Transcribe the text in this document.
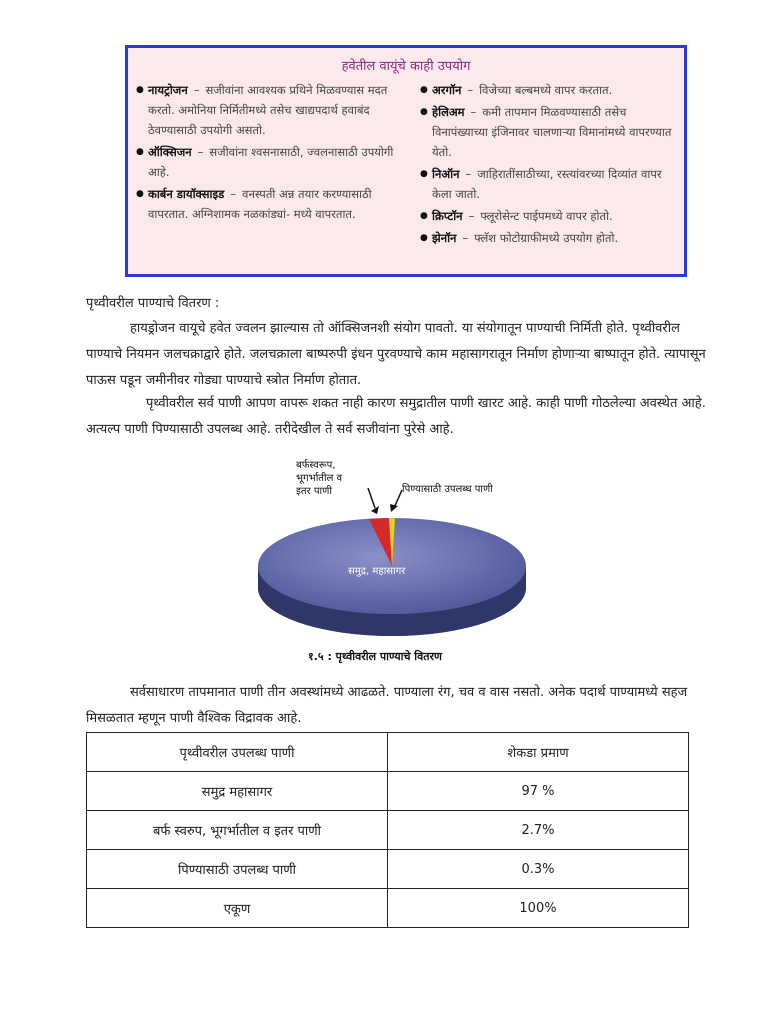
हवेतील वायूंचे काही उपयोग
● नायट्रोजन – सजीवांना आवश्यक प्रथिने मिळवण्यास मदत करतो. अमोनिया निर्मितीमध्ये तसेच खाद्यपदार्थ हवाबंद ठेवण्यासाठी उपयोगी असतो.
● ऑक्सिजन – सजीवांना श्वसनासाठी, ज्वलनासाठी उपयोगी आहे.
● कार्बन डायॉक्साइड – वनस्पती अन्न तयार करण्यासाठी वापरतात. अग्निशामक नळकांड्यां- मध्ये वापरतात.
● अरगॉन – विजेच्या बल्बमध्ये वापर करतात.
● हेलिअम – कमी तापमान मिळवण्यासाठी तसेच विनापंख्याच्या इंजिनावर चालणाऱ्या विमानांमध्ये वापरण्यात येतो.
● निऑन – जाहिरातींसाठीच्या, रस्त्यांवरच्या दिव्यांत वापर केला जातो.
● क्रिप्टॉन – फ्लूरोसेन्ट पाईपमध्ये वापर होतो.
● झेनॉन – फ्लॅश फोटोग्राफीमध्ये उपयोग होतो.
पृथ्वीवरील पाण्याचे वितरण :
हायड्रोजन वायूचे हवेत ज्वलन झाल्यास तो ऑक्सिजनशी संयोग पावतो. या संयोगातून पाण्याची निर्मिती होते. पृथ्वीवरील पाण्याचे नियमन जलचक्राद्वारे होते. जलचक्राला बाष्परुपी इंधन पुरवण्याचे काम महासागरातून निर्माण होणाऱ्या बाष्पातून होते. त्यापासून पाऊस पडून जमीनीवर गोड्या पाण्याचे स्त्रोत निर्माण होतात.
पृथ्वीवरील सर्व पाणी आपण वापरू शकत नाही कारण समुद्रातील पाणी खारट आहे. काही पाणी गोठलेल्या अवस्थेत आहे. अत्यल्प पाणी पिण्यासाठी उपलब्ध आहे. तरीदेखील ते सर्व सजीवांना पुरेसे आहे.
बर्फस्वरूप,
भूगर्भातील व
इतर पाणी	पिण्यासाठी उपलब्ध पाणी
समुद्र, महासागर
१.५ : पृथ्वीवरील पाण्याचे वितरण
सर्वसाधारण तापमानात पाणी तीन अवस्थांमध्ये आढळते. पाण्याला रंग, चव व वास नसतो. अनेक पदार्थ पाण्यामध्ये सहज मिसळतात म्हणून पाणी वैश्विक विद्रावक आहे.
पृथ्वीवरील उपलब्ध पाणी	शेकडा प्रमाण
समुद्र महासागर	97 %
बर्फ स्वरुप, भूगर्भातील व इतर पाणी	2.7%
पिण्यासाठी उपलब्ध पाणी	0.3%
एकूण	100%
